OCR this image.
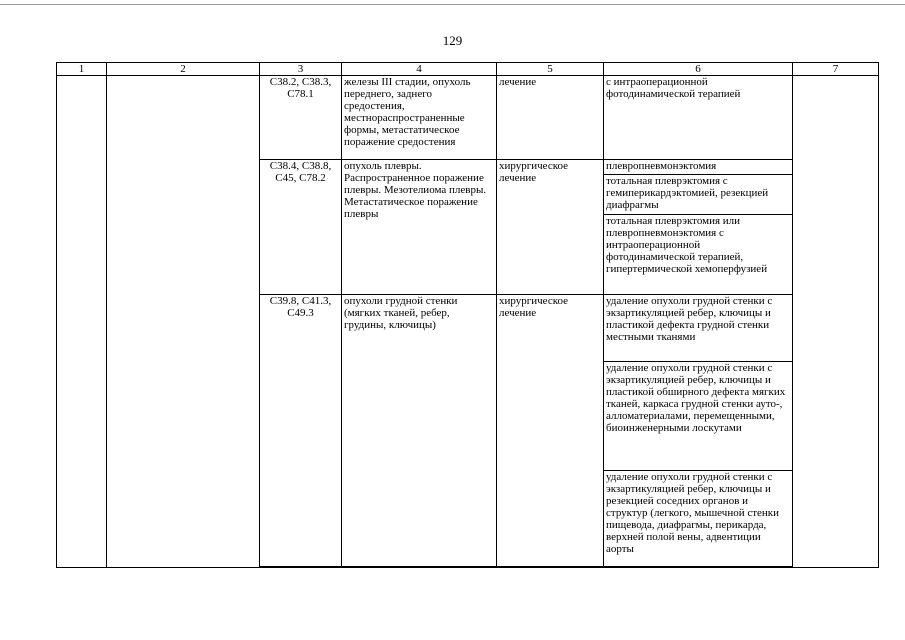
129
1	2	3	4	5	6	7
		C38.2, C38.3, C78.1	железы III стадии, опухоль переднего, заднего средостения, местнораспространенные формы, метастатическое поражение средостения	лечение	с интраоперационной фотодинамической терапией	
		C38.4, C38.8, C45, C78.2	опухоль плевры. Распространенное поражение плевры. Мезотелиома плевры. Метастатическое поражение плевры	хирургическое лечение	плевропневмонэктомия	
					тотальная плеврэктомия с гемиперикардэктомией, резекцией диафрагмы	
					тотальная плеврэктомия или плевропневмонэктомия с интраоперационной фотодинамической терапией, гипертермической хемоперфузией	
		C39.8, C41.3, C49.3	опухоли грудной стенки (мягких тканей, ребер, грудины, ключицы)	хирургическое лечение	удаление опухоли грудной стенки с экзартикуляцией ребер, ключицы и пластикой дефекта грудной стенки местными тканями	
					удаление опухоли грудной стенки с экзартикуляцией ребер, ключицы и пластикой обширного дефекта мягких тканей, каркаса грудной стенки ауто-, алломатериалами, перемещенными, биоинженерными лоскутами	
					удаление опухоли грудной стенки с экзартикуляцией ребер, ключицы и резекцией соседних органов и структур (легкого, мышечной стенки пищевода, диафрагмы, перикарда, верхней полой вены, адвентиции аорты	
